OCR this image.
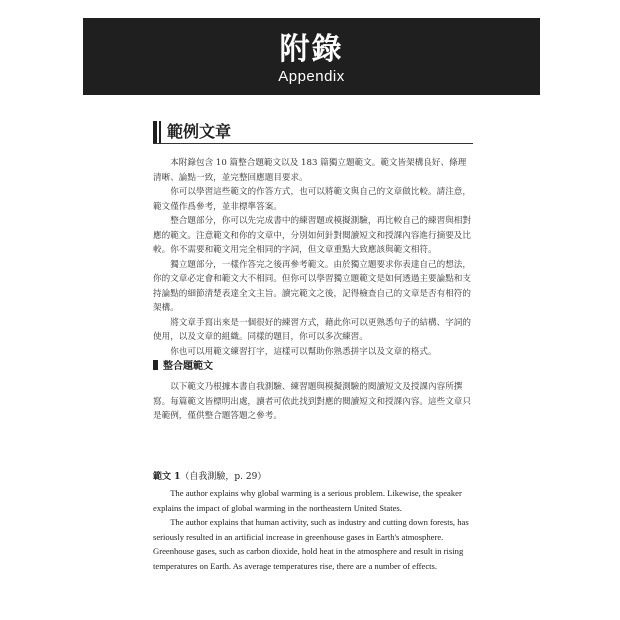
附錄
Appendix
範例文章

本附錄包含 10 篇整合題範文以及 183 篇獨立題範文。範文皆架構良好、條理清晰、論點一致，並完整回應題目要求。

你可以學習這些範文的作答方式，也可以將範文與自己的文章做比較。請注意，範文僅作爲參考，並非標準答案。

整合題部分，你可以先完成書中的練習題或模擬測驗，再比較自己的練習與相對應的範文。注意範文和你的文章中，分別如何針對閱讀短文和授課內容進行摘要及比較。你不需要和範文用完全相同的字詞，但文章重點大致應該與範文相符。

獨立題部分，一樣作答完之後再參考範文。由於獨立題要求你表達自己的想法，你的文章必定會和範文大不相同。但你可以學習獨立題範文是如何透過主要論點和支持論點的細節清楚表達全文主旨。讀完範文之後，記得檢查自己的文章是否有相符的架構。

將文章手寫出來是一個很好的練習方式，藉此你可以更熟悉句子的結構、字詞的使用，以及文章的組織。同樣的題目，你可以多次練習。

你也可以用範文練習打字，這樣可以幫助你熟悉拼字以及文章的格式。

整合題範文

以下範文乃根據本書自我測驗、練習題與模擬測驗的閱讀短文及授課內容所撰寫。每篇範文皆標明出處，讀者可依此找到對應的閱讀短文和授課內容。這些文章只是範例，僅供整合題答題之參考。

範文 1（自我測驗，p. 29）

The author explains why global warming is a serious problem. Likewise, the speaker explains the impact of global warming in the northeastern United States.

The author explains that human activity, such as industry and cutting down forests, has seriously resulted in an artificial increase in greenhouse gases in Earth's atmosphere. Greenhouse gases, such as carbon dioxide, hold heat in the atmosphere and result in rising temperatures on Earth. As average temperatures rise, there are a number of effects.
